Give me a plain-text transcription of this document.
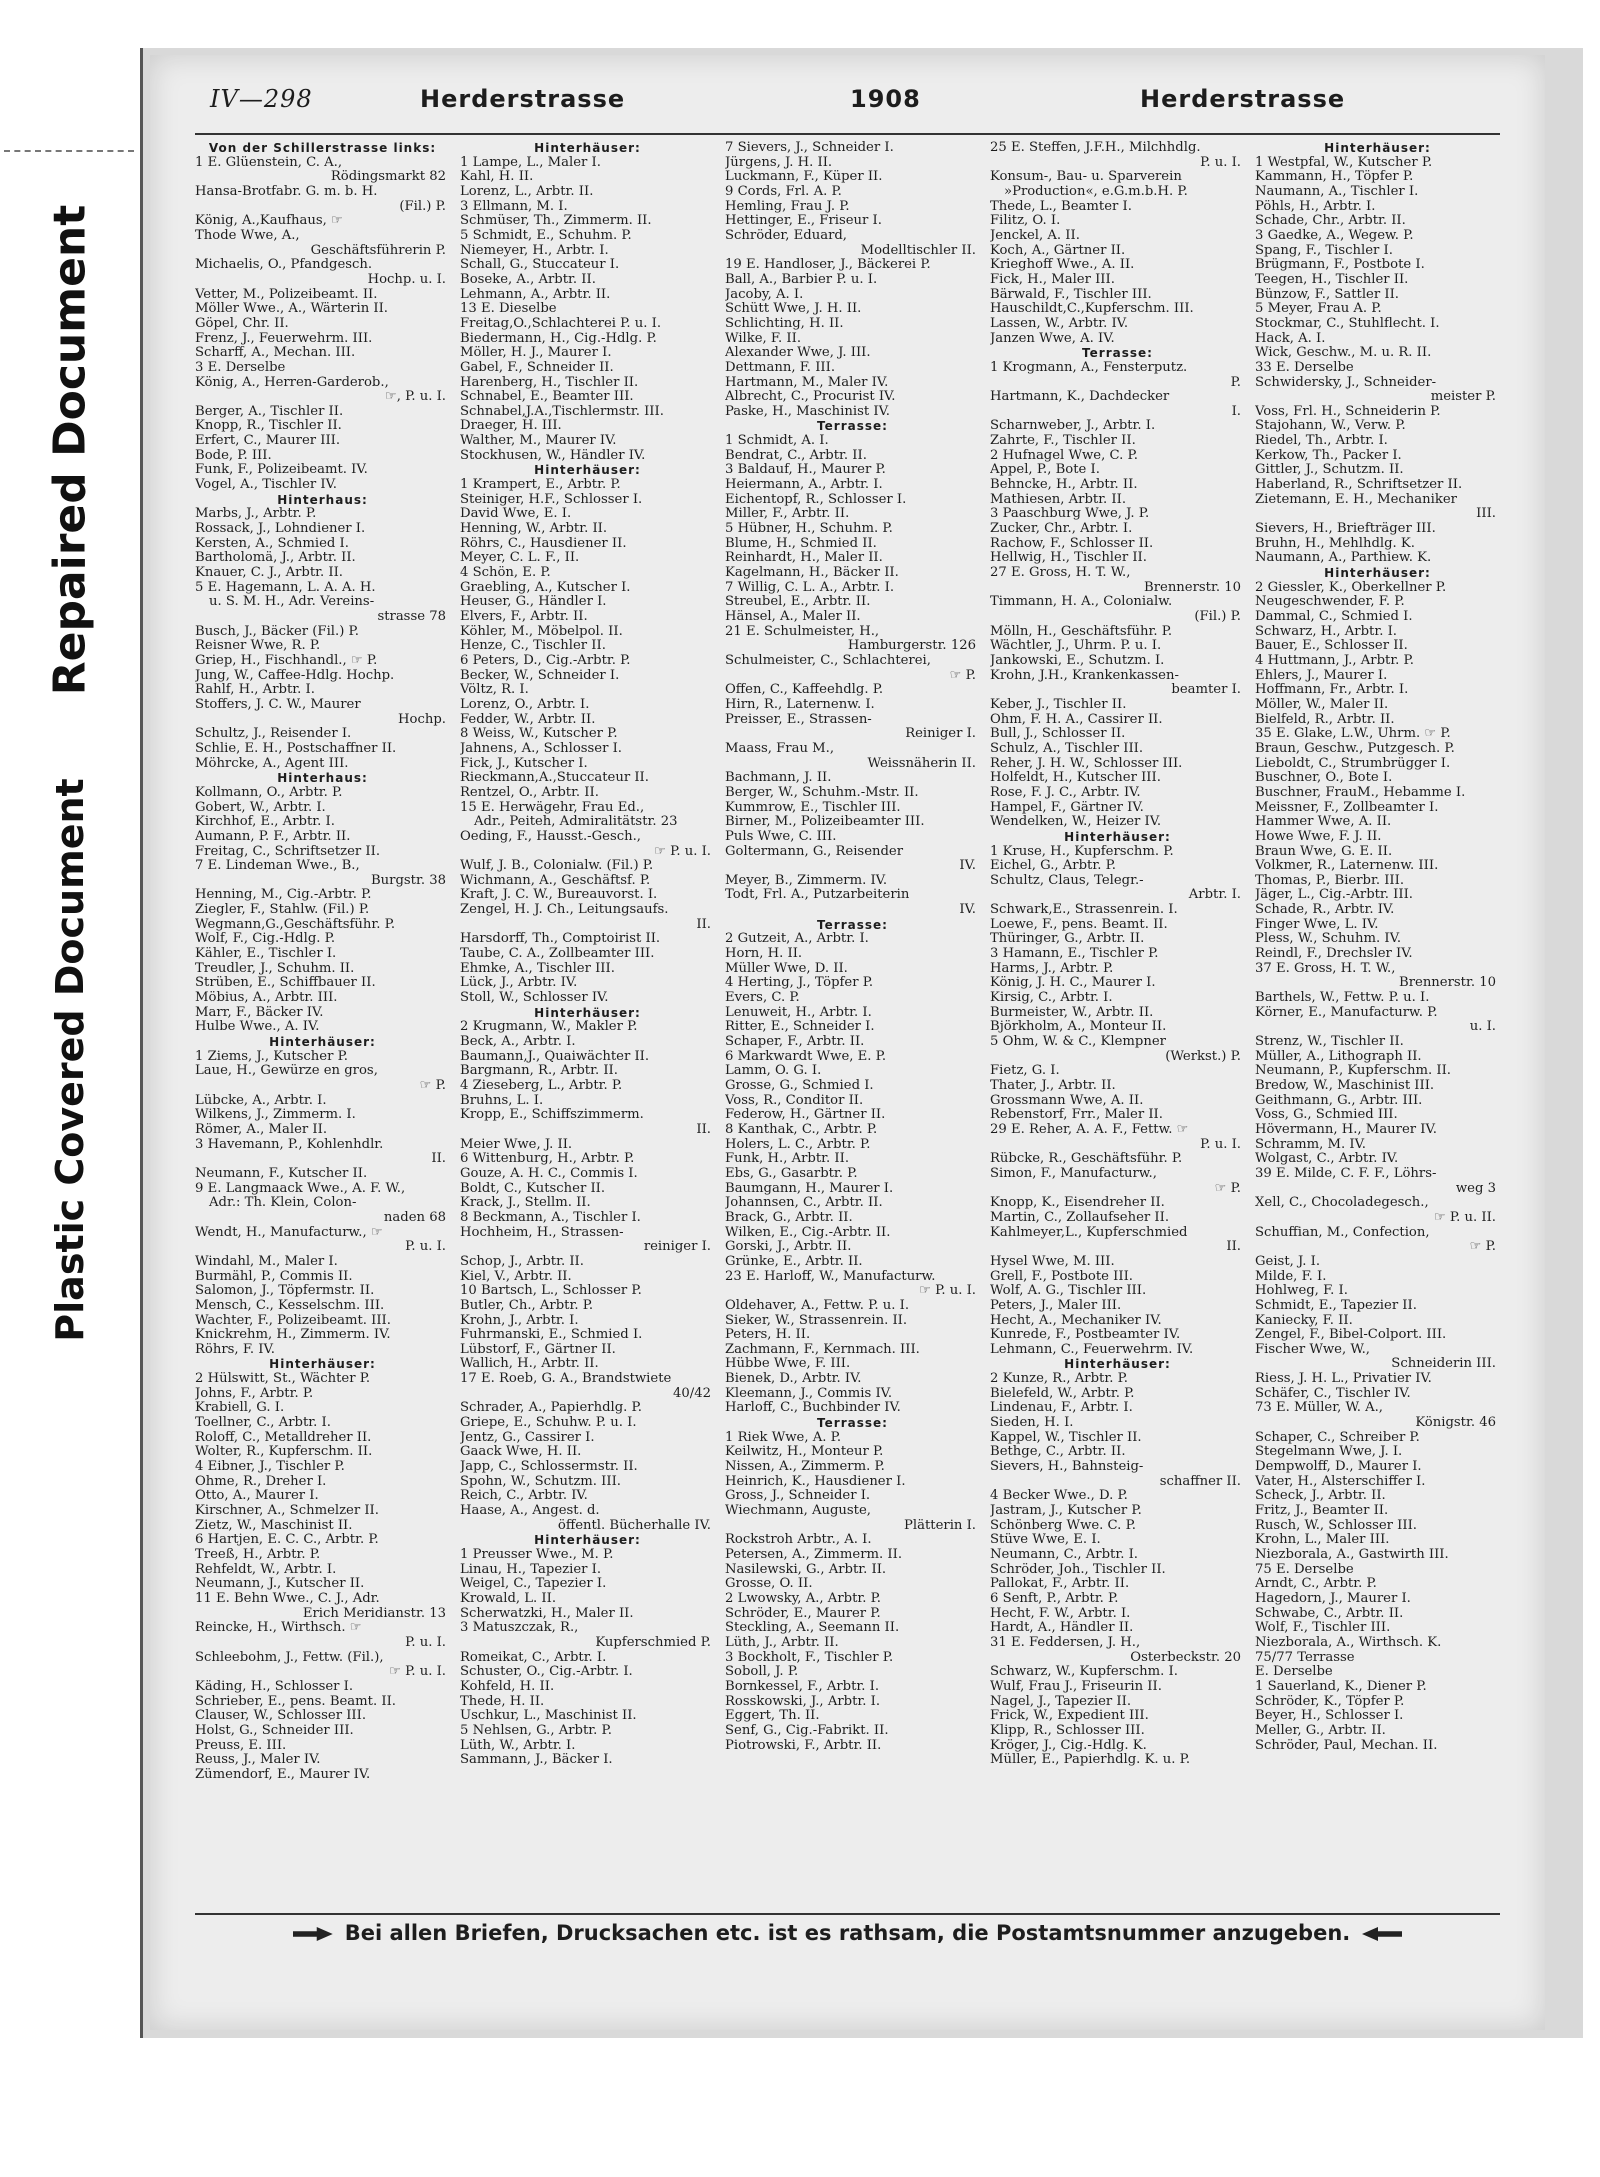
Repaired Document
Plastic Covered Document
IV—298	Herderstrasse	1908	Herderstrasse
Von der Schillerstrasse links:
1 E. Glüenstein, C. A.,
Rödingsmarkt 82
Hansa-Brotfabr. G. m. b. H.
(Fil.) P.
König, A.,Kaufhaus, ☞
Thode Wwe, A.,
Geschäftsführerin P.
Michaelis, O., Pfandgesch.
Hochp. u. I.
Vetter, M., Polizeibeamt. II.
Möller Wwe., A., Wärterin II.
Göpel, Chr. II.
Frenz, J., Feuerwehrm. III.
Scharff, A., Mechan. III.
3 E. Derselbe
König, A., Herren-Garderob.,
☞, P. u. I.
Berger, A., Tischler II.
Knopp, R., Tischler II.
Erfert, C., Maurer III.
Bode, P. III.
Funk, F., Polizeibeamt. IV.
Vogel, A., Tischler IV.
Hinterhaus:
Marbs, J., Arbtr. P.
Rossack, J., Lohndiener I.
Kersten, A., Schmied I.
Bartholomä, J., Arbtr. II.
Knauer, C. J., Arbtr. II.
5 E. Hagemann, L. A. A. H.
u. S. M. H., Adr. Vereins-
strasse 78
Busch, J., Bäcker (Fil.) P.
Reisner Wwe, R. P.
Griep, H., Fischhandl., ☞ P.
Jung, W., Caffee-Hdlg. Hochp.
Rahlf, H., Arbtr. I.
Stoffers, J. C. W., Maurer
Hochp.
Schultz, J., Reisender I.
Schlie, E. H., Postschaffner II.
Möhrcke, A., Agent III.
Hinterhaus:
Kollmann, O., Arbtr. P.
Gobert, W., Arbtr. I.
Kirchhof, E., Arbtr. I.
Aumann, P. F., Arbtr. II.
Freitag, C., Schriftsetzer II.
7 E. Lindeman Wwe., B.,
Burgstr. 38
Henning, M., Cig.-Arbtr. P.
Ziegler, F., Stahlw. (Fil.) P.
Wegmann,G.,Geschäftsführ. P.
Wolf, F., Cig.-Hdlg. P.
Kähler, E., Tischler I.
Treudler, J., Schuhm. II.
Strüben, E., Schiffbauer II.
Möbius, A., Arbtr. III.
Marr, F., Bäcker IV.
Hulbe Wwe., A. IV.
Hinterhäuser:
1 Ziems, J., Kutscher P.
Laue, H., Gewürze en gros,
☞ P.
Lübcke, A., Arbtr. I.
Wilkens, J., Zimmerm. I.
Römer, A., Maler II.
3 Havemann, P., Kohlenhdlr.
II.
Neumann, F., Kutscher II.
9 E. Langmaack Wwe., A. F. W.,
Adr.: Th. Klein, Colon-
naden 68
Wendt, H., Manufacturw., ☞
P. u. I.
Windahl, M., Maler I.
Burmähl, P., Commis II.
Salomon, J., Töpfermstr. II.
Mensch, C., Kesselschm. III.
Wachter, F., Polizeibeamt. III.
Knickrehm, H., Zimmerm. IV.
Röhrs, F. IV.
Hinterhäuser:
2 Hülswitt, St., Wächter P.
Johns, F., Arbtr. P.
Krabiell, G. I.
Toellner, C., Arbtr. I.
Roloff, C., Metalldreher II.
Wolter, R., Kupferschm. II.
4 Eibner, J., Tischler P.
Ohme, R., Dreher I.
Otto, A., Maurer I.
Kirschner, A., Schmelzer II.
Zietz, W., Maschinist II.
6 Hartjen, E. C. C., Arbtr. P.
Treeß, H., Arbtr. P.
Rehfeldt, W., Arbtr. I.
Neumann, J., Kutscher II.
11 E. Behn Wwe., C. J., Adr.
Erich Meridianstr. 13
Reincke, H., Wirthsch. ☞
P. u. I.
Schleebohm, J., Fettw. (Fil.),
☞ P. u. I.
Käding, H., Schlosser I.
Schrieber, E., pens. Beamt. II.
Clauser, W., Schlosser III.
Holst, G., Schneider III.
Preuss, E. III.
Reuss, J., Maler IV.
Zümendorf, E., Maurer IV.
Hinterhäuser:
1 Lampe, L., Maler I.
Kahl, H. II.
Lorenz, L., Arbtr. II.
3 Ellmann, M. I.
Schmüser, Th., Zimmerm. II.
5 Schmidt, E., Schuhm. P.
Niemeyer, H., Arbtr. I.
Schall, G., Stuccateur I.
Boseke, A., Arbtr. II.
Lehmann, A., Arbtr. II.
13 E. Dieselbe
Freitag,O.,Schlachterei P. u. I.
Biedermann, H., Cig.-Hdlg. P.
Möller, H. J., Maurer I.
Gabel, F., Schneider II.
Harenberg, H., Tischler II.
Schnabel, E., Beamter III.
Schnabel,J.A.,Tischlermstr. III.
Draeger, H. III.
Walther, M., Maurer IV.
Stockhusen, W., Händler IV.
Hinterhäuser:
1 Krampert, E., Arbtr. P.
Steiniger, H.F., Schlosser I.
David Wwe, E. I.
Henning, W., Arbtr. II.
Röhrs, C., Hausdiener II.
Meyer, C. L. F., II.
4 Schön, E. P.
Graebling, A., Kutscher I.
Heuser, G., Händler I.
Elvers, F., Arbtr. II.
Köhler, M., Möbelpol. II.
Henze, C., Tischler II.
6 Peters, D., Cig.-Arbtr. P.
Becker, W., Schneider I.
Völtz, R. I.
Lorenz, O., Arbtr. I.
Fedder, W., Arbtr. II.
8 Weiss, W., Kutscher P.
Jahnens, A., Schlosser I.
Fick, J., Kutscher I.
Rieckmann,A.,Stuccateur II.
Rentzel, O., Arbtr. II.
15 E. Herwägehr, Frau Ed.,
Adr., Peiteh, Admiralitätstr. 23
Oeding, F., Hausst.-Gesch.,
☞ P. u. I.
Wulf, J. B., Colonialw. (Fil.) P.
Wichmann, A., Geschäftsf. P.
Kraft, J. C. W., Bureauvorst. I.
Zengel, H. J. Ch., Leitungsaufs.
II.
Harsdorff, Th., Comptoirist II.
Taube, C. A., Zollbeamter III.
Ehmke, A., Tischler III.
Lück, J., Arbtr. IV.
Stoll, W., Schlosser IV.
Hinterhäuser:
2 Krugmann, W., Makler P.
Beck, A., Arbtr. I.
Baumann,J., Quaiwächter II.
Bargmann, R., Arbtr. II.
4 Zieseberg, L., Arbtr. P.
Bruhns, L. I.
Kropp, E., Schiffszimmerm.
II.
Meier Wwe, J. II.
6 Wittenburg, H., Arbtr. P.
Gouze, A. H. C., Commis I.
Boldt, C., Kutscher II.
Krack, J., Stellm. II.
8 Beckmann, A., Tischler I.
Hochheim, H., Strassen-
reiniger I.
Schop, J., Arbtr. II.
Kiel, V., Arbtr. II.
10 Bartsch, L., Schlosser P.
Butler, Ch., Arbtr. P.
Krohn, J., Arbtr. I.
Fuhrmanski, E., Schmied I.
Lübstorf, F., Gärtner II.
Wallich, H., Arbtr. II.
17 E. Roeb, G. A., Brandstwiete
40/42
Schrader, A., Papierhdlg. P.
Griepe, E., Schuhw. P. u. I.
Jentz, G., Cassirer I.
Gaack Wwe, H. II.
Japp, C., Schlossermstr. II.
Spohn, W., Schutzm. III.
Reich, C., Arbtr. IV.
Haase, A., Angest. d.
öffentl. Bücherhalle IV.
Hinterhäuser:
1 Preusser Wwe., M. P.
Linau, H., Tapezier I.
Weigel, C., Tapezier I.
Krowald, L. II.
Scherwatzki, H., Maler II.
3 Matuszczak, R.,
Kupferschmied P.
Romeikat, C., Arbtr. I.
Schuster, O., Cig.-Arbtr. I.
Kohfeld, H. II.
Thede, H. II.
Uschkur, L., Maschinist II.
5 Nehlsen, G., Arbtr. P.
Lüth, W., Arbtr. I.
Sammann, J., Bäcker I.
7 Sievers, J., Schneider I.
Jürgens, J. H. II.
Luckmann, F., Küper II.
9 Cords, Frl. A. P.
Hemling, Frau J. P.
Hettinger, E., Friseur I.
Schröder, Eduard,
Modelltischler II.
19 E. Handloser, J., Bäckerei P.
Ball, A., Barbier P. u. I.
Jacoby, A. I.
Schütt Wwe, J. H. II.
Schlichting, H. II.
Wilke, F. II.
Alexander Wwe, J. III.
Dettmann, F. III.
Hartmann, M., Maler IV.
Albrecht, C., Procurist IV.
Paske, H., Maschinist IV.
Terrasse:
1 Schmidt, A. I.
Bendrat, C., Arbtr. II.
3 Baldauf, H., Maurer P.
Heiermann, A., Arbtr. I.
Eichentopf, R., Schlosser I.
Miller, F., Arbtr. II.
5 Hübner, H., Schuhm. P.
Blume, H., Schmied II.
Reinhardt, H., Maler II.
Kagelmann, H., Bäcker II.
7 Willig, C. L. A., Arbtr. I.
Streubel, E., Arbtr. II.
Hänsel, A., Maler II.
21 E. Schulmeister, H.,
Hamburgerstr. 126
Schulmeister, C., Schlachterei,
☞ P.
Offen, C., Kaffeehdlg. P.
Hirn, R., Laternenw. I.
Preisser, E., Strassen-
Reiniger I.
Maass, Frau M.,
Weissnäherin II.
Bachmann, J. II.
Berger, W., Schuhm.-Mstr. II.
Kummrow, E., Tischler III.
Birner, M., Polizeibeamter III.
Puls Wwe, C. III.
Goltermann, G., Reisender
IV.
Meyer, B., Zimmerm. IV.
Todt, Frl. A., Putzarbeiterin
IV.
Terrasse:
2 Gutzeit, A., Arbtr. I.
Horn, H. II.
Müller Wwe, D. II.
4 Herting, J., Töpfer P.
Evers, C. P.
Lenuweit, H., Arbtr. I.
Ritter, E., Schneider I.
Schaper, F., Arbtr. II.
6 Markwardt Wwe, E. P.
Lamm, O. G. I.
Grosse, G., Schmied I.
Voss, R., Conditor II.
Federow, H., Gärtner II.
8 Kanthak, C., Arbtr. P.
Holers, L. C., Arbtr. P.
Funk, H., Arbtr. II.
Ebs, G., Gasarbtr. P.
Baumgann, H., Maurer I.
Johannsen, C., Arbtr. II.
Brack, G., Arbtr. II.
Wilken, E., Cig.-Arbtr. II.
Gorski, J., Arbtr. II.
Grünke, E., Arbtr. II.
23 E. Harloff, W., Manufacturw.
☞ P. u. I.
Oldehaver, A., Fettw. P. u. I.
Sieker, W., Strassenrein. II.
Peters, H. II.
Zachmann, F., Kernmach. III.
Hübbe Wwe, F. III.
Bienek, D., Arbtr. IV.
Kleemann, J., Commis IV.
Harloff, C., Buchbinder IV.
Terrasse:
1 Riek Wwe, A. P.
Keilwitz, H., Monteur P.
Nissen, A., Zimmerm. P.
Heinrich, K., Hausdiener I.
Gross, J., Schneider I.
Wiechmann, Auguste,
Plätterin I.
Rockstroh Arbtr., A. I.
Petersen, A., Zimmerm. II.
Nasilewski, G., Arbtr. II.
Grosse, O. II.
2 Lwowsky, A., Arbtr. P.
Schröder, E., Maurer P.
Steckling, A., Seemann II.
Lüth, J., Arbtr. II.
3 Bockholt, F., Tischler P.
Soboll, J. P.
Bornkessel, F., Arbtr. I.
Rosskowski, J., Arbtr. I.
Eggert, Th. II.
Senf, G., Cig.-Fabrikt. II.
Piotrowski, F., Arbtr. II.
25 E. Steffen, J.F.H., Milchhdlg.
P. u. I.
Konsum-, Bau- u. Sparverein
»Production«, e.G.m.b.H. P.
Thede, L., Beamter I.
Filitz, O. I.
Jenckel, A. II.
Koch, A., Gärtner II.
Krieghoff Wwe., A. II.
Fick, H., Maler III.
Bärwald, F., Tischler III.
Hauschildt,C.,Kupferschm. III.
Lassen, W., Arbtr. IV.
Janzen Wwe, A. IV.
Terrasse:
1 Krogmann, A., Fensterputz.
P.
Hartmann, K., Dachdecker
I.
Scharnweber, J., Arbtr. I.
Zahrte, F., Tischler II.
2 Hufnagel Wwe, C. P.
Appel, P., Bote I.
Behncke, H., Arbtr. II.
Mathiesen, Arbtr. II.
3 Paaschburg Wwe, J. P.
Zucker, Chr., Arbtr. I.
Rachow, F., Schlosser II.
Hellwig, H., Tischler II.
27 E. Gross, H. T. W.,
Brennerstr. 10
Timmann, H. A., Colonialw.
(Fil.) P.
Mölln, H., Geschäftsführ. P.
Wächtler, J., Uhrm. P. u. I.
Jankowski, E., Schutzm. I.
Krohn, J.H., Krankenkassen-
beamter I.
Keber, J., Tischler II.
Ohm, F. H. A., Cassirer II.
Bull, J., Schlosser II.
Schulz, A., Tischler III.
Reher, J. H. W., Schlosser III.
Holfeldt, H., Kutscher III.
Rose, F. J. C., Arbtr. IV.
Hampel, F., Gärtner IV.
Wendelken, W., Heizer IV.
Hinterhäuser:
1 Kruse, H., Kupferschm. P.
Eichel, G., Arbtr. P.
Schultz, Claus, Telegr.-
Arbtr. I.
Schwark,E., Strassenrein. I.
Loewe, F., pens. Beamt. II.
Thüringer, G., Arbtr. II.
3 Hamann, E., Tischler P.
Harms, J., Arbtr. P.
König, J. H. C., Maurer I.
Kirsig, C., Arbtr. I.
Burmeister, W., Arbtr. II.
Björkholm, A., Monteur II.
5 Ohm, W. & C., Klempner
(Werkst.) P.
Fietz, G. I.
Thater, J., Arbtr. II.
Grossmann Wwe, A. II.
Rebenstorf, Frr., Maler II.
29 E. Reher, A. A. F., Fettw. ☞
P. u. I.
Rübcke, R., Geschäftsführ. P.
Simon, F., Manufacturw.,
☞ P.
Knopp, K., Eisendreher II.
Martin, C., Zollaufseher II.
Kahlmeyer,L., Kupferschmied
II.
Hysel Wwe, M. III.
Grell, F., Postbote III.
Wolf, A. G., Tischler III.
Peters, J., Maler III.
Hecht, A., Mechaniker IV.
Kunrede, F., Postbeamter IV.
Lehmann, C., Feuerwehrm. IV.
Hinterhäuser:
2 Kunze, R., Arbtr. P.
Bielefeld, W., Arbtr. P.
Lindenau, F., Arbtr. I.
Sieden, H. I.
Kappel, W., Tischler II.
Bethge, C., Arbtr. II.
Sievers, H., Bahnsteig-
schaffner II.
4 Becker Wwe., D. P.
Jastram, J., Kutscher P.
Schönberg Wwe. C. P.
Stüve Wwe, E. I.
Neumann, C., Arbtr. I.
Schröder, Joh., Tischler II.
Pallokat, F., Arbtr. II.
6 Senft, P., Arbtr. P.
Hecht, F. W., Arbtr. I.
Hardt, A., Händler II.
31 E. Feddersen, J. H.,
Osterbeckstr. 20
Schwarz, W., Kupferschm. I.
Wulf, Frau J., Friseurin II.
Nagel, J., Tapezier II.
Frick, W., Expedient III.
Klipp, R., Schlosser III.
Kröger, J., Cig.-Hdlg. K.
Müller, E., Papierhdlg. K. u. P.
Hinterhäuser:
1 Westpfal, W., Kutscher P.
Kammann, H., Töpfer P.
Naumann, A., Tischler I.
Pöhls, H., Arbtr. I.
Schade, Chr., Arbtr. II.
3 Gaedke, A., Wegew. P.
Spang, F., Tischler I.
Brügmann, F., Postbote I.
Teegen, H., Tischler II.
Bünzow, F., Sattler II.
5 Meyer, Frau A. P.
Stockmar, C., Stuhlflecht. I.
Hack, A. I.
Wick, Geschw., M. u. R. II.
33 E. Derselbe
Schwidersky, J., Schneider-
meister P.
Voss, Frl. H., Schneiderin P.
Stajohann, W., Verw. P.
Riedel, Th., Arbtr. I.
Kerkow, Th., Packer I.
Gittler, J., Schutzm. II.
Haberland, R., Schriftsetzer II.
Zietemann, E. H., Mechaniker
III.
Sievers, H., Briefträger III.
Bruhn, H., Mehlhdlg. K.
Naumann, A., Parthiew. K.
Hinterhäuser:
2 Giessler, K., Oberkellner P.
Neugeschwender, F. P.
Dammal, C., Schmied I.
Schwarz, H., Arbtr. I.
Bauer, E., Schlosser II.
4 Huttmann, J., Arbtr. P.
Ehlers, J., Maurer I.
Hoffmann, Fr., Arbtr. I.
Möller, W., Maler II.
Bielfeld, R., Arbtr. II.
35 E. Glake, L.W., Uhrm. ☞ P.
Braun, Geschw., Putzgesch. P.
Lieboldt, C., Strumbrügger I.
Buschner, O., Bote I.
Buschner, FrauM., Hebamme I.
Meissner, F., Zollbeamter I.
Hammer Wwe, A. II.
Howe Wwe, F. J. II.
Braun Wwe, G. E. II.
Volkmer, R., Laternenw. III.
Thomas, P., Bierbr. III.
Jäger, L., Cig.-Arbtr. III.
Schade, R., Arbtr. IV.
Finger Wwe, L. IV.
Pless, W., Schuhm. IV.
Reindl, F., Drechsler IV.
37 E. Gross, H. T. W.,
Brennerstr. 10
Barthels, W., Fettw. P. u. I.
Körner, E., Manufacturw. P.
u. I.
Strenz, W., Tischler II.
Müller, A., Lithograph II.
Neumann, P., Kupferschm. II.
Bredow, W., Maschinist III.
Geithmann, G., Arbtr. III.
Voss, G., Schmied III.
Hövermann, H., Maurer IV.
Schramm, M. IV.
Wolgast, C., Arbtr. IV.
39 E. Milde, C. F. F., Löhrs-
weg 3
Xell, C., Chocoladegesch.,
☞ P. u. II.
Schuffian, M., Confection,
☞ P.
Geist, J. I.
Milde, F. I.
Hohlweg, F. I.
Schmidt, E., Tapezier II.
Kaniecky, F. II.
Zengel, F., Bibel-Colport. III.
Fischer Wwe, W.,
Schneiderin III.
Riess, J. H. L., Privatier IV.
Schäfer, C., Tischler IV.
73 E. Müller, W. A.,
Königstr. 46
Schaper, C., Schreiber P.
Stegelmann Wwe, J. I.
Dempwolff, D., Maurer I.
Vater, H., Alsterschiffer I.
Scheck, J., Arbtr. II.
Fritz, J., Beamter II.
Rusch, W., Schlosser III.
Krohn, L., Maler III.
Niezborala, A., Gastwirth III.
75 E. Derselbe
Arndt, C., Arbtr. P.
Hagedorn, J., Maurer I.
Schwabe, C., Arbtr. II.
Wolf, F., Tischler III.
Niezborala, A., Wirthsch. K.
75/77 Terrasse
E. Derselbe
1 Sauerland, K., Diener P.
Schröder, K., Töpfer P.
Beyer, H., Schlosser I.
Meller, G., Arbtr. II.
Schröder, Paul, Mechan. II.
Bei allen Briefen, Drucksachen etc. ist es rathsam, die Postamtsnummer anzugeben.
